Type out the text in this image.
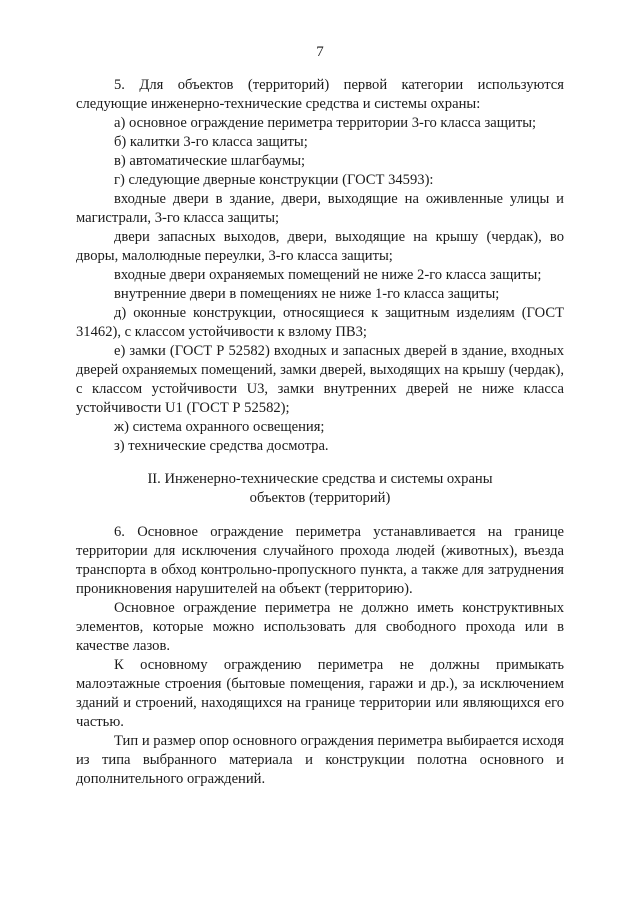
7

5. Для объектов (территорий) первой категории используются следующие инженерно-технические средства и системы охраны:

а) основное ограждение периметра территории 3-го класса защиты;

б) калитки 3-го класса защиты;

в) автоматические шлагбаумы;

г) следующие дверные конструкции (ГОСТ 34593):

входные двери в здание, двери, выходящие на оживленные улицы и магистрали, 3-го класса защиты;

двери запасных выходов, двери, выходящие на крышу (чердак), во дворы, малолюдные переулки, 3-го класса защиты;

входные двери охраняемых помещений не ниже 2-го класса защиты;

внутренние двери в помещениях не ниже 1-го класса защиты;

д) оконные конструкции, относящиеся к защитным изделиям (ГОСТ 31462), с классом устойчивости к взлому ПВ3;

е) замки (ГОСТ Р 52582) входных и запасных дверей в здание, входных дверей охраняемых помещений, замки дверей, выходящих на крышу (чердак), с классом устойчивости U3, замки внутренних дверей не ниже класса устойчивости U1 (ГОСТ Р 52582);

ж) система охранного освещения;

з) технические средства досмотра.

II. Инженерно-технические средства и системы охраны
объектов (территорий)

6. Основное ограждение периметра устанавливается на границе территории для исключения случайного прохода людей (животных), въезда транспорта в обход контрольно-пропускного пункта, а также для затруднения проникновения нарушителей на объект (территорию).

Основное ограждение периметра не должно иметь конструктивных элементов, которые можно использовать для свободного прохода или в качестве лазов.

К основному ограждению периметра не должны примыкать малоэтажные строения (бытовые помещения, гаражи и др.), за исключением зданий и строений, находящихся на границе территории или являющихся его частью.

Тип и размер опор основного ограждения периметра выбирается исходя из типа выбранного материала и конструкции полотна основного и дополнительного ограждений.
